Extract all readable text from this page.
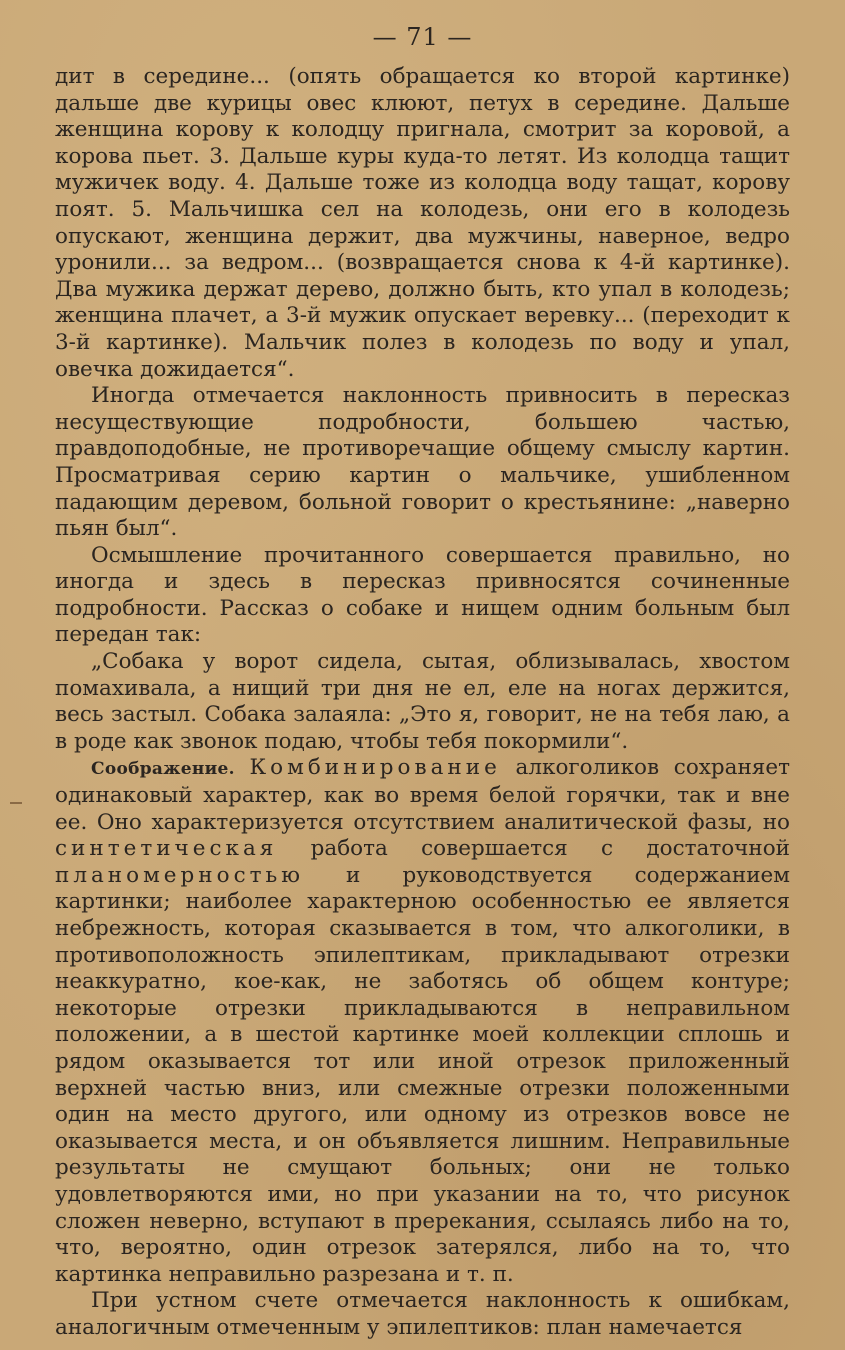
— 71 —

дит в середине... (опять обращается ко второй картинке) дальше две курицы овес клюют, петух в середине. Дальше женщина корову к колодцу пригнала, смотрит за коровой, а корова пьет. 3. Дальше куры куда-то летят. Из колодца тащит мужичек воду. 4. Дальше тоже из колодца воду тащат, корову поят. 5. Мальчишка сел на колодезь, они его в колодезь опускают, женщина держит, два мужчины, наверное, ведро уронили... за ведром... (возвращается снова к 4-й картинке). Два мужика держат дерево, должно быть, кто упал в колодезь; женщина плачет, а 3-й мужик опускает веревку... (переходит к 3-й картинке). Мальчик полез в колодезь по воду и упал, овечка дожидается“.

Иногда отмечается наклонность привносить в пересказ несуществующие подробности, большею частью, правдоподобные, не противоречащие общему смыслу картин. Просматривая серию картин о мальчике, ушибленном падающим деревом, больной говорит о крестьянине: „наверно пьян был“.

Осмышление прочитанного совершается правильно, но иногда и здесь в пересказ привносятся сочиненные подробности. Рассказ о собаке и нищем одним больным был передан так:

„Собака у ворот сидела, сытая, облизывалась, хвостом помахивала, а нищий три дня не ел, еле на ногах держится, весь застыл. Собака залаяла: „Это я, говорит, не на тебя лаю, а в роде как звонок подаю, чтобы тебя покормили“.

Соображение. Комбинирование алкоголиков сохраняет одинаковый характер, как во время белой горячки, так и вне ее. Оно характеризуется отсутствием аналитической фазы, но синтетическая работа совершается с достаточной планомерностью и руководствуется содержанием картинки; наиболее характерною особенностью ее является небрежность, которая сказывается в том, что алкоголики, в противоположность эпилептикам, прикладывают отрезки неаккуратно, кое-как, не заботясь об общем контуре; некоторые отрезки прикладываются в неправильном положении, а в шестой картинке моей коллекции сплошь и рядом оказывается тот или иной отрезок приложенный верхней частью вниз, или смежные отрезки положенными один на место другого, или одному из отрезков вовсе не оказывается места, и он объявляется лишним. Неправильные результаты не смущают больных; они не только удовлетворяются ими, но при указании на то, что рисунок сложен неверно, вступают в пререкания, ссылаясь либо на то, что, вероятно, один отрезок затерялся, либо на то, что картинка неправильно разрезана и т. п.

При устном счете отмечается наклонность к ошибкам, аналогичным отмеченным у эпилептиков: план намечается
